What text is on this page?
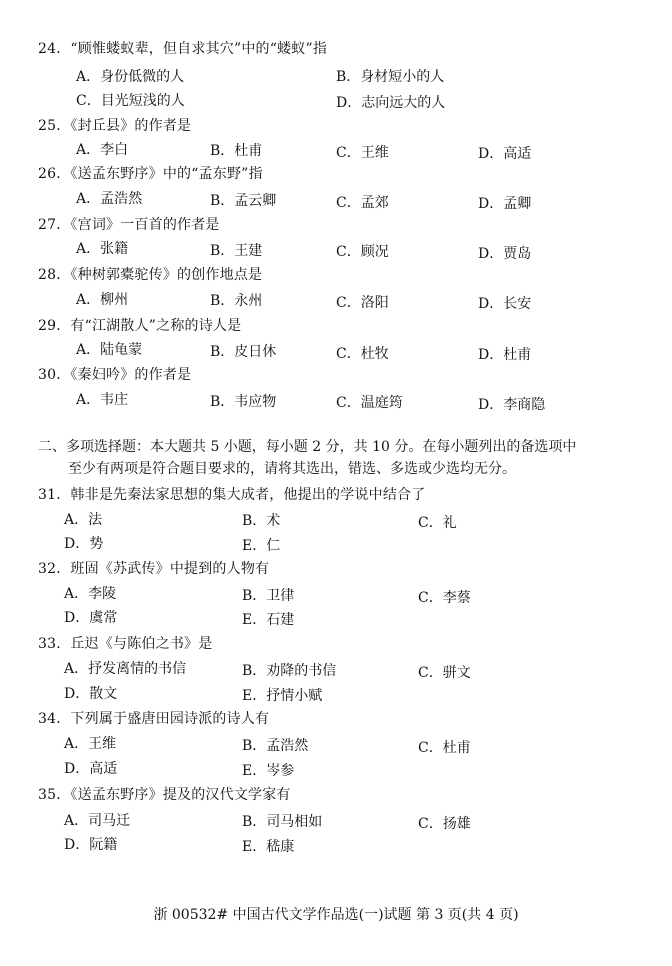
24．“顾惟蝼蚁辈，但自求其穴”中的“蝼蚁”指
A．身份低微的人	B．身材短小的人
C．目光短浅的人	D．志向远大的人
25．《封丘县》的作者是
A．李白	B．杜甫	C．王维	D．高适
26．《送孟东野序》中的“孟东野”指
A．孟浩然	B．孟云卿	C．孟郊	D．孟卿
27．《宫词》一百首的作者是
A．张籍	B．王建	C．顾况	D．贾岛
28．《种树郭橐驼传》的创作地点是
A．柳州	B．永州	C．洛阳	D．长安
29．有“江湖散人”之称的诗人是
A．陆龟蒙	B．皮日休	C．杜牧	D．杜甫
30．《秦妇吟》的作者是
A．韦庄	B．韦应物	C．温庭筠	D．李商隐
二、多项选择题：本大题共 5 小题，每小题 2 分，共 10 分。在每小题列出的备选项中
至少有两项是符合题目要求的，请将其选出，错选、多选或少选均无分。
31．韩非是先秦法家思想的集大成者，他提出的学说中结合了
A．法	B．术	C．礼
D．势	E．仁
32．班固《苏武传》中提到的人物有
A．李陵	B．卫律	C．李蔡
D．虞常	E．石建
33．丘迟《与陈伯之书》是
A．抒发离情的书信	B．劝降的书信	C．骈文
D．散文	E．抒情小赋
34．下列属于盛唐田园诗派的诗人有
A．王维	B．孟浩然	C．杜甫
D．高适	E．岑参
35．《送孟东野序》提及的汉代文学家有
A．司马迁	B．司马相如	C．扬雄
D．阮籍	E．嵇康
浙 00532# 中国古代文学作品选(一)试题 第 3 页(共 4 页)
